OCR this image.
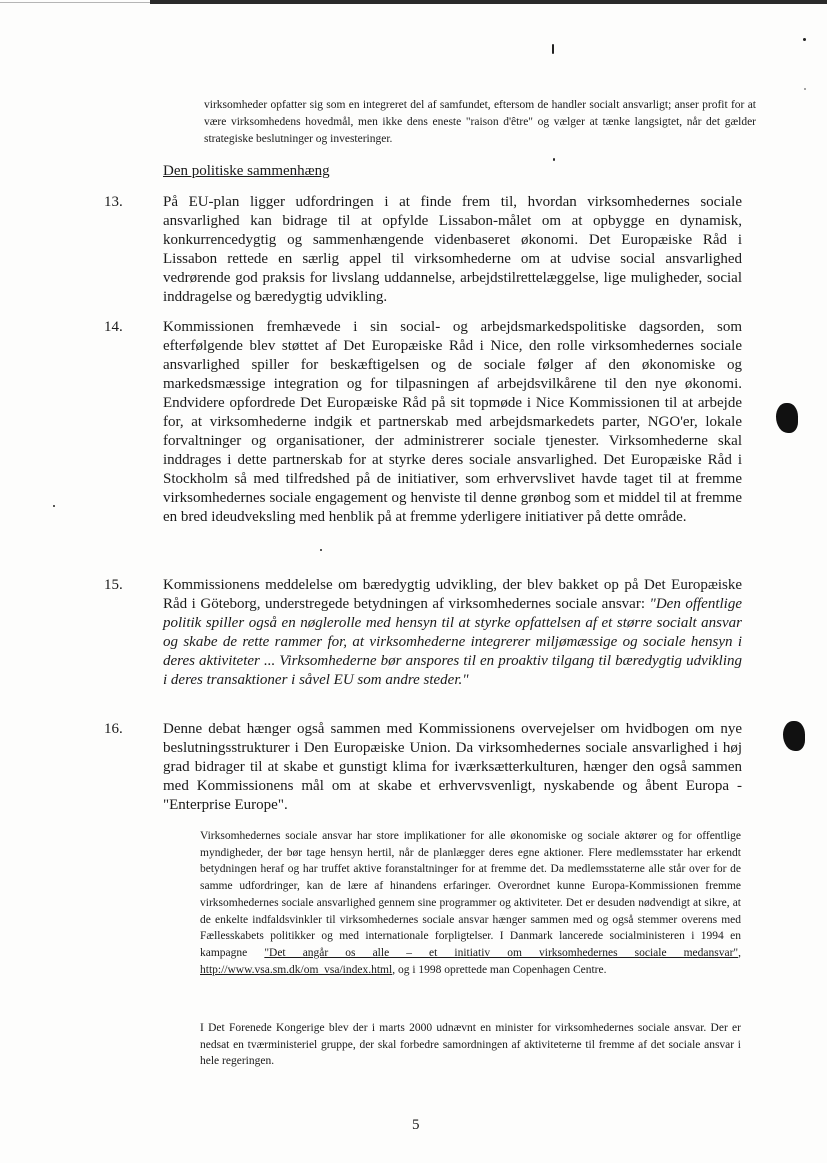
virksomheder opfatter sig som en integreret del af samfundet, eftersom de handler socialt ansvarligt; anser profit for at være virksomhedens hovedmål, men ikke dens eneste "raison d'être" og vælger at tænke langsigtet, når det gælder strategiske beslutninger og investeringer.
Den politiske sammenhæng
13.	På EU-plan ligger udfordringen i at finde frem til, hvordan virksomhedernes sociale ansvarlighed kan bidrage til at opfylde Lissabon-målet om at opbygge en dynamisk, konkurrencedygtig og sammenhængende videnbaseret økonomi. Det Europæiske Råd i Lissabon rettede en særlig appel til virksomhederne om at udvise social ansvarlighed vedrørende god praksis for livslang uddannelse, arbejdstilrettelæggelse, lige muligheder, social inddragelse og bæredygtig udvikling.
14.	Kommissionen fremhævede i sin social- og arbejdsmarkedspolitiske dagsorden, som efterfølgende blev støttet af Det Europæiske Råd i Nice, den rolle virksomhedernes sociale ansvarlighed spiller for beskæftigelsen og de sociale følger af den økonomiske og markedsmæssige integration og for tilpasningen af arbejdsvilkårene til den nye økonomi. Endvidere opfordrede Det Europæiske Råd på sit topmøde i Nice Kommissionen til at arbejde for, at virksomhederne indgik et partnerskab med arbejdsmarkedets parter, NGO'er, lokale forvaltninger og organisationer, der administrerer sociale tjenester. Virksomhederne skal inddrages i dette partnerskab for at styrke deres sociale ansvarlighed. Det Europæiske Råd i Stockholm så med tilfredshed på de initiativer, som erhvervslivet havde taget til at fremme virksomhedernes sociale engagement og henviste til denne grønbog som et middel til at fremme en bred ideudveksling med henblik på at fremme yderligere initiativer på dette område.
15.	Kommissionens meddelelse om bæredygtig udvikling, der blev bakket op på Det Europæiske Råd i Göteborg, understregede betydningen af virksomhedernes sociale ansvar: "Den offentlige politik spiller også en nøglerolle med hensyn til at styrke opfattelsen af et større socialt ansvar og skabe de rette rammer for, at virksomhederne integrerer miljømæssige og sociale hensyn i deres aktiviteter ... Virksomhederne bør anspores til en proaktiv tilgang til bæredygtig udvikling i deres transaktioner i såvel EU som andre steder."
16.	Denne debat hænger også sammen med Kommissionens overvejelser om hvidbogen om nye beslutningsstrukturer i Den Europæiske Union. Da virksomhedernes sociale ansvarlighed i høj grad bidrager til at skabe et gunstigt klima for iværksætterkulturen, hænger den også sammen med Kommissionens mål om at skabe et erhvervsvenligt, nyskabende og åbent Europa - "Enterprise Europe".
Virksomhedernes sociale ansvar har store implikationer for alle økonomiske og sociale aktører og for offentlige myndigheder, der bør tage hensyn hertil, når de planlægger deres egne aktioner. Flere medlemsstater har erkendt betydningen heraf og har truffet aktive foranstaltninger for at fremme det. Da medlemsstaterne alle står over for de samme udfordringer, kan de lære af hinandens erfaringer. Overordnet kunne Europa-Kommissionen fremme virksomhedernes sociale ansvarlighed gennem sine programmer og aktiviteter. Det er desuden nødvendigt at sikre, at de enkelte indfaldsvinkler til virksomhedernes sociale ansvar hænger sammen med og også stemmer overens med Fællesskabets politikker og med internationale forpligtelser. I Danmark lancerede socialministeren i 1994 en kampagne "Det angår os alle – et initiativ om virksomhedernes sociale medansvar", http://www.vsa.sm.dk/om_vsa/index.html, og i 1998 oprettede man Copenhagen Centre.
I Det Forenede Kongerige blev der i marts 2000 udnævnt en minister for virksomhedernes sociale ansvar. Der er nedsat en tværministeriel gruppe, der skal forbedre samordningen af aktiviteterne til fremme af det sociale ansvar i hele regeringen.
5
